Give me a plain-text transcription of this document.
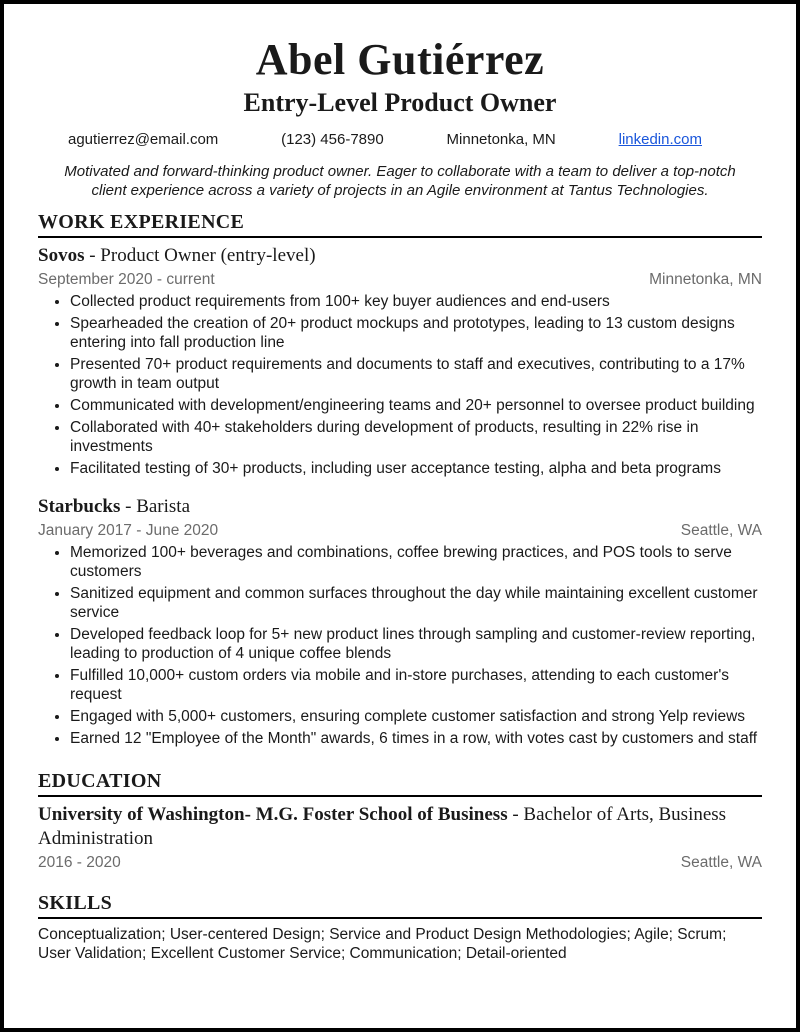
Abel Gutiérrez
Entry-Level Product Owner
agutierrez@email.com	(123) 456-7890	Minnetonka, MN	linkedin.com

Motivated and forward-thinking product owner. Eager to collaborate with a team to deliver a top-notch client experience across a variety of projects in an Agile environment at Tantus Technologies.

WORK EXPERIENCE
Sovos - Product Owner (entry-level)
September 2020 - current	Minnetonka, MN
• Collected product requirements from 100+ key buyer audiences and end-users
• Spearheaded the creation of 20+ product mockups and prototypes, leading to 13 custom designs entering into fall production line
• Presented 70+ product requirements and documents to staff and executives, contributing to a 17% growth in team output
• Communicated with development/engineering teams and 20+ personnel to oversee product building
• Collaborated with 40+ stakeholders during development of products, resulting in 22% rise in investments
• Facilitated testing of 30+ products, including user acceptance testing, alpha and beta programs
Starbucks - Barista
January 2017 - June 2020	Seattle, WA
• Memorized 100+ beverages and combinations, coffee brewing practices, and POS tools to serve customers
• Sanitized equipment and common surfaces throughout the day while maintaining excellent customer service
• Developed feedback loop for 5+ new product lines through sampling and customer-review reporting, leading to production of 4 unique coffee blends
• Fulfilled 10,000+ custom orders via mobile and in-store purchases, attending to each customer's request
• Engaged with 5,000+ customers, ensuring complete customer satisfaction and strong Yelp reviews
• Earned 12 "Employee of the Month" awards, 6 times in a row, with votes cast by customers and staff
EDUCATION
University of Washington- M.G. Foster School of Business - Bachelor of Arts, Business Administration
2016 - 2020	Seattle, WA
SKILLS
Conceptualization; User-centered Design; Service and Product Design Methodologies; Agile; Scrum; User Validation; Excellent Customer Service; Communication; Detail-oriented
